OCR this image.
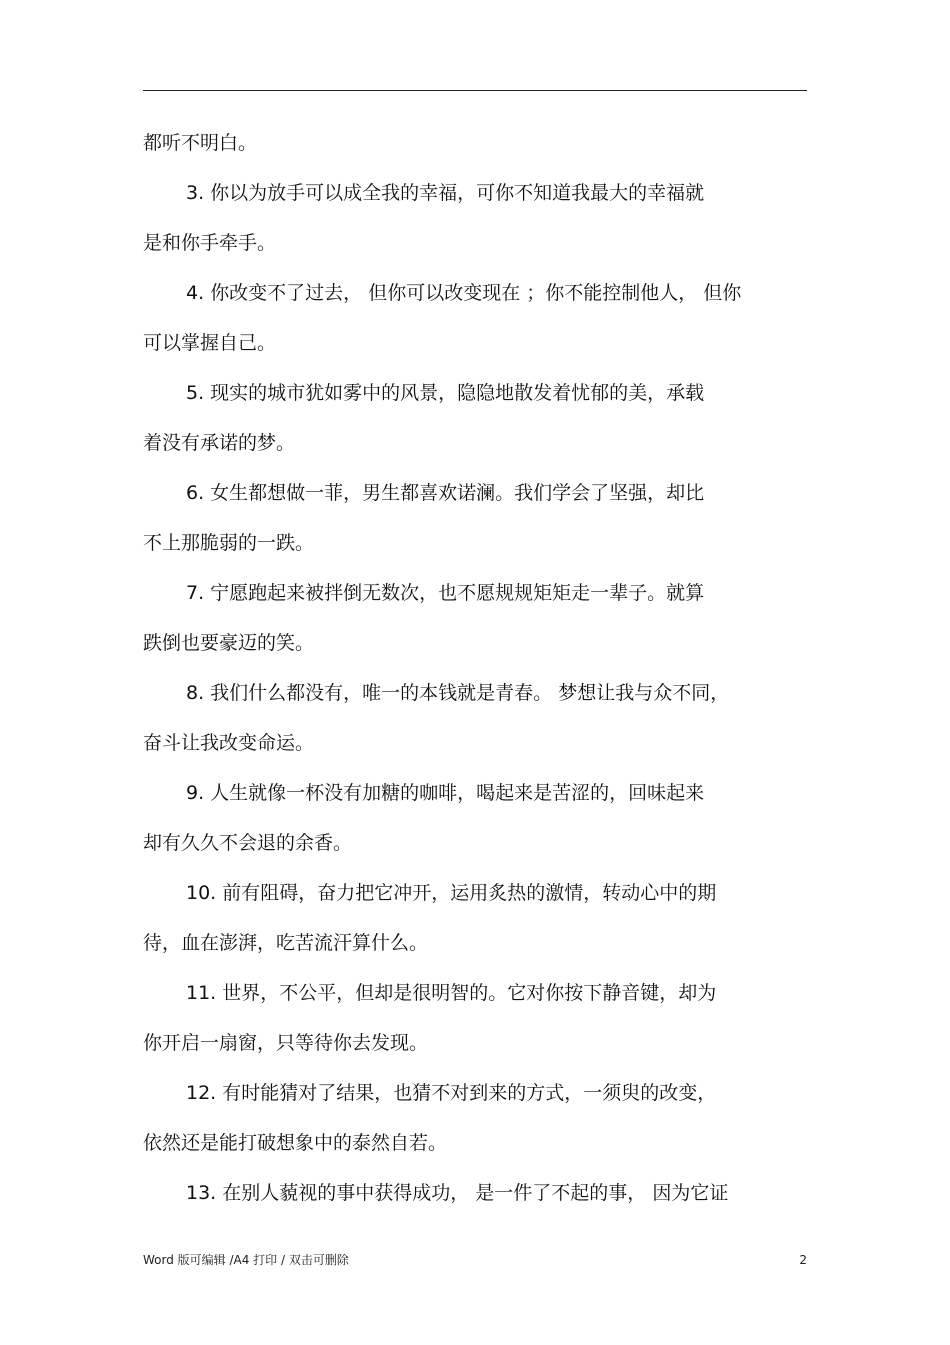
都听不明白。
3. 你以为放手可以成全我的幸福，可你不知道我最大的幸福就
是和你手牵手。
4. 你改变不了过去， 但你可以改变现在 ；你不能控制他人， 但你
可以掌握自己。
5. 现实的城市犹如雾中的风景，隐隐地散发着忧郁的美，承载
着没有承诺的梦。
6. 女生都想做一菲，男生都喜欢诺澜。我们学会了坚强，却比
不上那脆弱的一跌。
7. 宁愿跑起来被拌倒无数次，也不愿规规矩矩走一辈子。就算
跌倒也要豪迈的笑。
8. 我们什么都没有，唯一的本钱就是青春。 梦想让我与众不同，
奋斗让我改变命运。
9. 人生就像一杯没有加糖的咖啡，喝起来是苦涩的，回味起来
却有久久不会退的余香。
10. 前有阻碍，奋力把它冲开，运用炙热的激情，转动心中的期
待，血在澎湃，吃苦流汗算什么。
11. 世界，不公平，但却是很明智的。它对你按下静音键，却为
你开启一扇窗，只等待你去发现。
12. 有时能猜对了结果，也猜不对到来的方式，一须臾的改变，
依然还是能打破想象中的泰然自若。
13. 在别人藐视的事中获得成功， 是一件了不起的事， 因为它证
Word 版可编辑 /A4 打印 / 双击可删除	2
